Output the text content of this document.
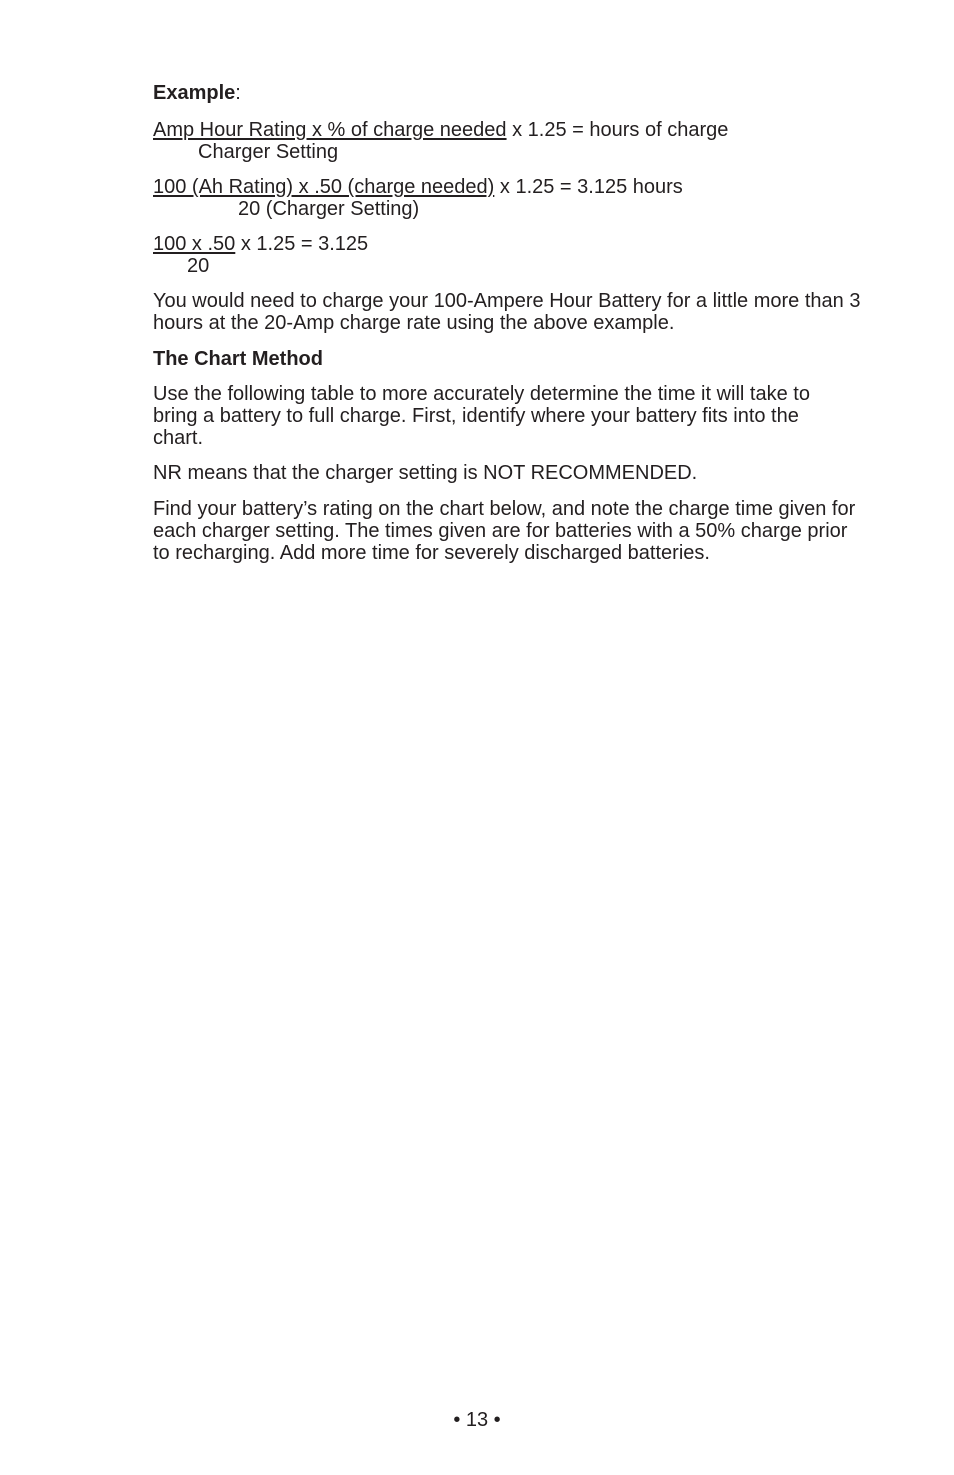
Example:

Amp Hour Rating x % of charge needed x 1.25 = hours of charge
Charger Setting
100 (Ah Rating) x .50 (charge needed) x 1.25 = 3.125 hours
20 (Charger Setting)
100 x .50 x 1.25 = 3.125
20

You would need to charge your 100-Ampere Hour Battery for a little more than 3 hours at the 20-Amp charge rate using the above example.

The Chart Method

Use the following table to more accurately determine the time it will take to bring a battery to full charge. First, identify where your battery fits into the chart.

NR means that the charger setting is NOT RECOMMENDED.

Find your battery’s rating on the chart below, and note the charge time given for each charger setting. The times given are for batteries with a 50% charge prior to recharging. Add more time for severely discharged batteries.

• 13 •
